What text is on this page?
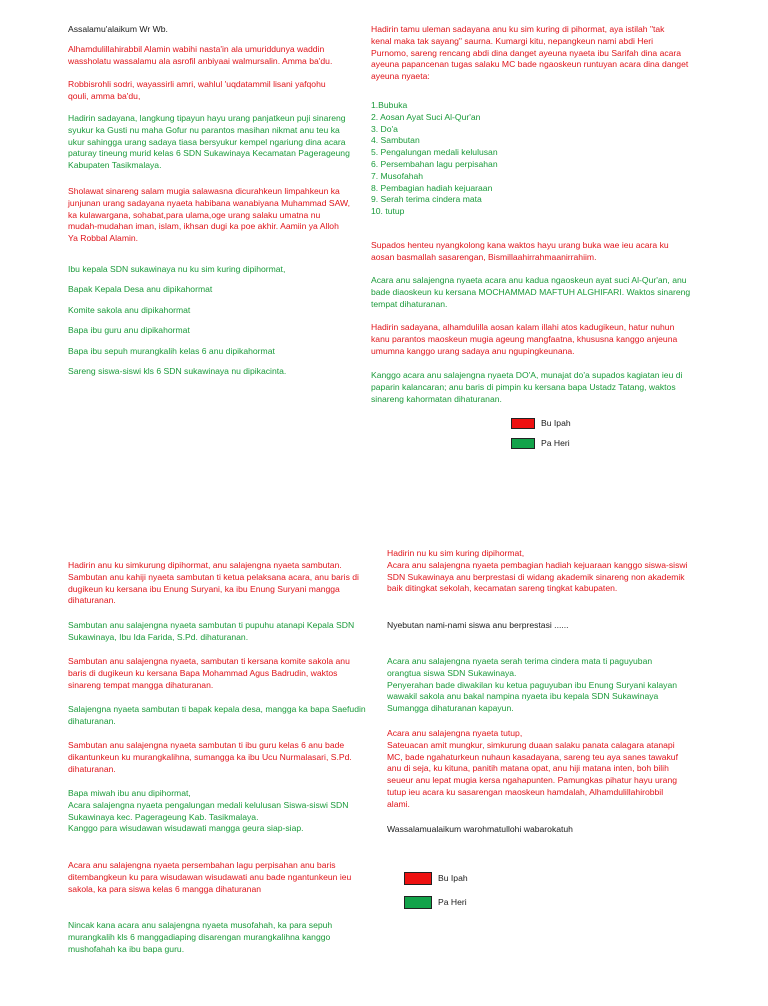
Assalamu'alaikum Wr Wb.

Alhamdulillahirabbil Alamin wabihi nasta'in ala umuriddunya waddin
wassholatu wassalamu ala asrofil anbiyaai walmursalin. Amma ba'du.

Robbisrohli sodri, wayassirli amri, wahlul 'uqdatammil lisani yafqohu
qouli, amma ba'du,

Hadirin sadayana, langkung tipayun hayu urang panjatkeun puji sinareng
syukur ka Gusti nu maha Gofur nu parantos masihan nikmat anu teu ka
ukur sahingga urang sadaya tiasa bersyukur kempel ngariung dina acara
paturay tineung murid kelas 6 SDN Sukawinaya Kecamatan Pagerageung
Kabupaten Tasikmalaya.

Sholawat sinareng salam mugia salawasna dicurahkeun limpahkeun ka
junjunan urang sadayana nyaeta habibana wanabiyana Muhammad SAW,
ka kulawargana, sohabat,para ulama,oge urang salaku umatna nu
mudah-mudahan iman, islam, ikhsan dugi ka poe akhir. Aamiin ya Alloh
Ya Robbal Alamin.

Ibu kepala SDN sukawinaya nu ku sim kuring dipihormat,

Bapak Kepala Desa anu dipikahormat

Komite sakola anu dipikahormat

Bapa ibu guru anu dipikahormat

Bapa ibu sepuh murangkalih kelas 6 anu dipikahormat

Sareng siswa-siswi kls 6 SDN sukawinaya nu dipikacinta.

Hadirin tamu uleman sadayana anu ku sim kuring di pihormat, aya istilah "tak
kenal maka tak sayang" saurna. Kumargi kitu, nepangkeun nami abdi Heri
Purnomo, sareng rencang abdi dina danget ayeuna nyaeta ibu Sarifah dina acara
ayeuna papancenan tugas salaku MC bade ngaoskeun runtuyan acara dina danget
ayeuna nyaeta:

1.Bubuka
2. Aosan Ayat Suci Al-Qur'an
3. Do'a
4. Sambutan
5. Pengalungan medali kelulusan
6. Persembahan lagu perpisahan
7. Musofahah
8. Pembagian hadiah kejuaraan
9. Serah terima cindera mata
10. tutup

Supados henteu nyangkolong kana waktos hayu urang buka wae ieu acara ku
aosan basmallah sasarengan, Bismillaahirrahmaanirrahiim.

Acara anu salajengna nyaeta acara anu kadua ngaoskeun ayat suci Al-Qur'an, anu
bade diaoskeun ku kersana MOCHAMMAD MAFTUH ALGHIFARI. Waktos sinareng
tempat dihaturanan.

Hadirin sadayana, alhamdulilla aosan kalam illahi atos kadugikeun, hatur nuhun
kanu parantos maoskeun mugia ageung mangfaatna, khususna kanggo anjeuna
umumna kanggo urang sadaya anu ngupingkeunana.

Kanggo acara anu salajengna nyaeta DO'A, munajat do'a supados kagiatan ieu di
paparin kalancaran; anu baris di pimpin ku kersana bapa Ustadz Tatang, waktos
sinareng kahormatan dihaturanan.

Bu Ipah
Pa Heri

Hadirin anu ku simkurung dipihormat, anu salajengna nyaeta sambutan.
Sambutan anu kahiji nyaeta sambutan ti ketua pelaksana acara, anu baris di
dugikeun ku kersana ibu Enung Suryani, ka ibu Enung Suryani mangga
dihaturanan.

Sambutan anu salajengna nyaeta sambutan ti pupuhu atanapi Kepala SDN
Sukawinaya, Ibu Ida Farida, S.Pd. dihaturanan.

Sambutan anu salajengna nyaeta, sambutan ti kersana komite sakola anu
baris di dugikeun ku kersana Bapa Mohammad Agus Badrudin, waktos
sinareng tempat mangga dihaturanan.

Salajengna nyaeta sambutan ti bapak kepala desa, mangga ka bapa Saefudin
dihaturanan.

Sambutan anu salajengna nyaeta sambutan ti ibu guru kelas 6 anu bade
dikantunkeun ku murangkalihna, sumangga ka ibu Ucu Nurmalasari, S.Pd.
dihaturanan.

Bapa miwah ibu anu dipihormat,
Acara salajengna nyaeta pengalungan medali kelulusan Siswa-siswi SDN
Sukawinaya kec. Pagerageung Kab. Tasikmalaya.
Kanggo para wisudawan wisudawati mangga geura siap-siap.

Acara anu salajengna nyaeta persembahan lagu perpisahan anu baris
ditembangkeun ku para wisudawan wisudawati anu bade ngantunkeun ieu
sakola, ka para siswa kelas 6 mangga dihaturanan

Nincak kana acara anu salajengna nyaeta musofahah, ka para sepuh
murangkalih kls 6 manggadiaping disarengan murangkalihna kanggo
mushofahah ka ibu bapa guru.

Hadirin nu ku sim kuring dipihormat,
Acara anu salajengna nyaeta pembagian hadiah kejuaraan kanggo siswa-siswi
SDN Sukawinaya anu berprestasi di widang akademik sinareng non akademik
baik ditingkat sekolah, kecamatan sareng tingkat kabupaten.

Nyebutan nami-nami siswa anu berprestasi ......

Acara anu salajengna nyaeta serah terima cindera mata ti paguyuban
orangtua siswa SDN Sukawinaya.
Penyerahan bade diwakilan ku ketua paguyuban ibu Enung Suryani kalayan
wawakil sakola anu bakal nampina nyaeta ibu kepala SDN Sukawinaya
Sumangga dihaturanan kapayun.

Acara anu salajengna nyaeta tutup,
Sateuacan amit mungkur, simkurung duaan salaku panata calagara atanapi
MC, bade ngahaturkeun nuhaun kasadayana, sareng teu aya sanes tawakuf
anu di seja, ku kituna, panitih matana opat, anu hiji matana inten, boh bilih
seueur anu lepat mugia kersa ngahapunten. Pamungkas pihatur hayu urang
tutup ieu acara ku sasarengan maoskeun hamdalah, Alhamdulillahirobbil
alami.

Wassalamualaikum warohmatullohi wabarokatuh

Bu Ipah
Pa Heri
